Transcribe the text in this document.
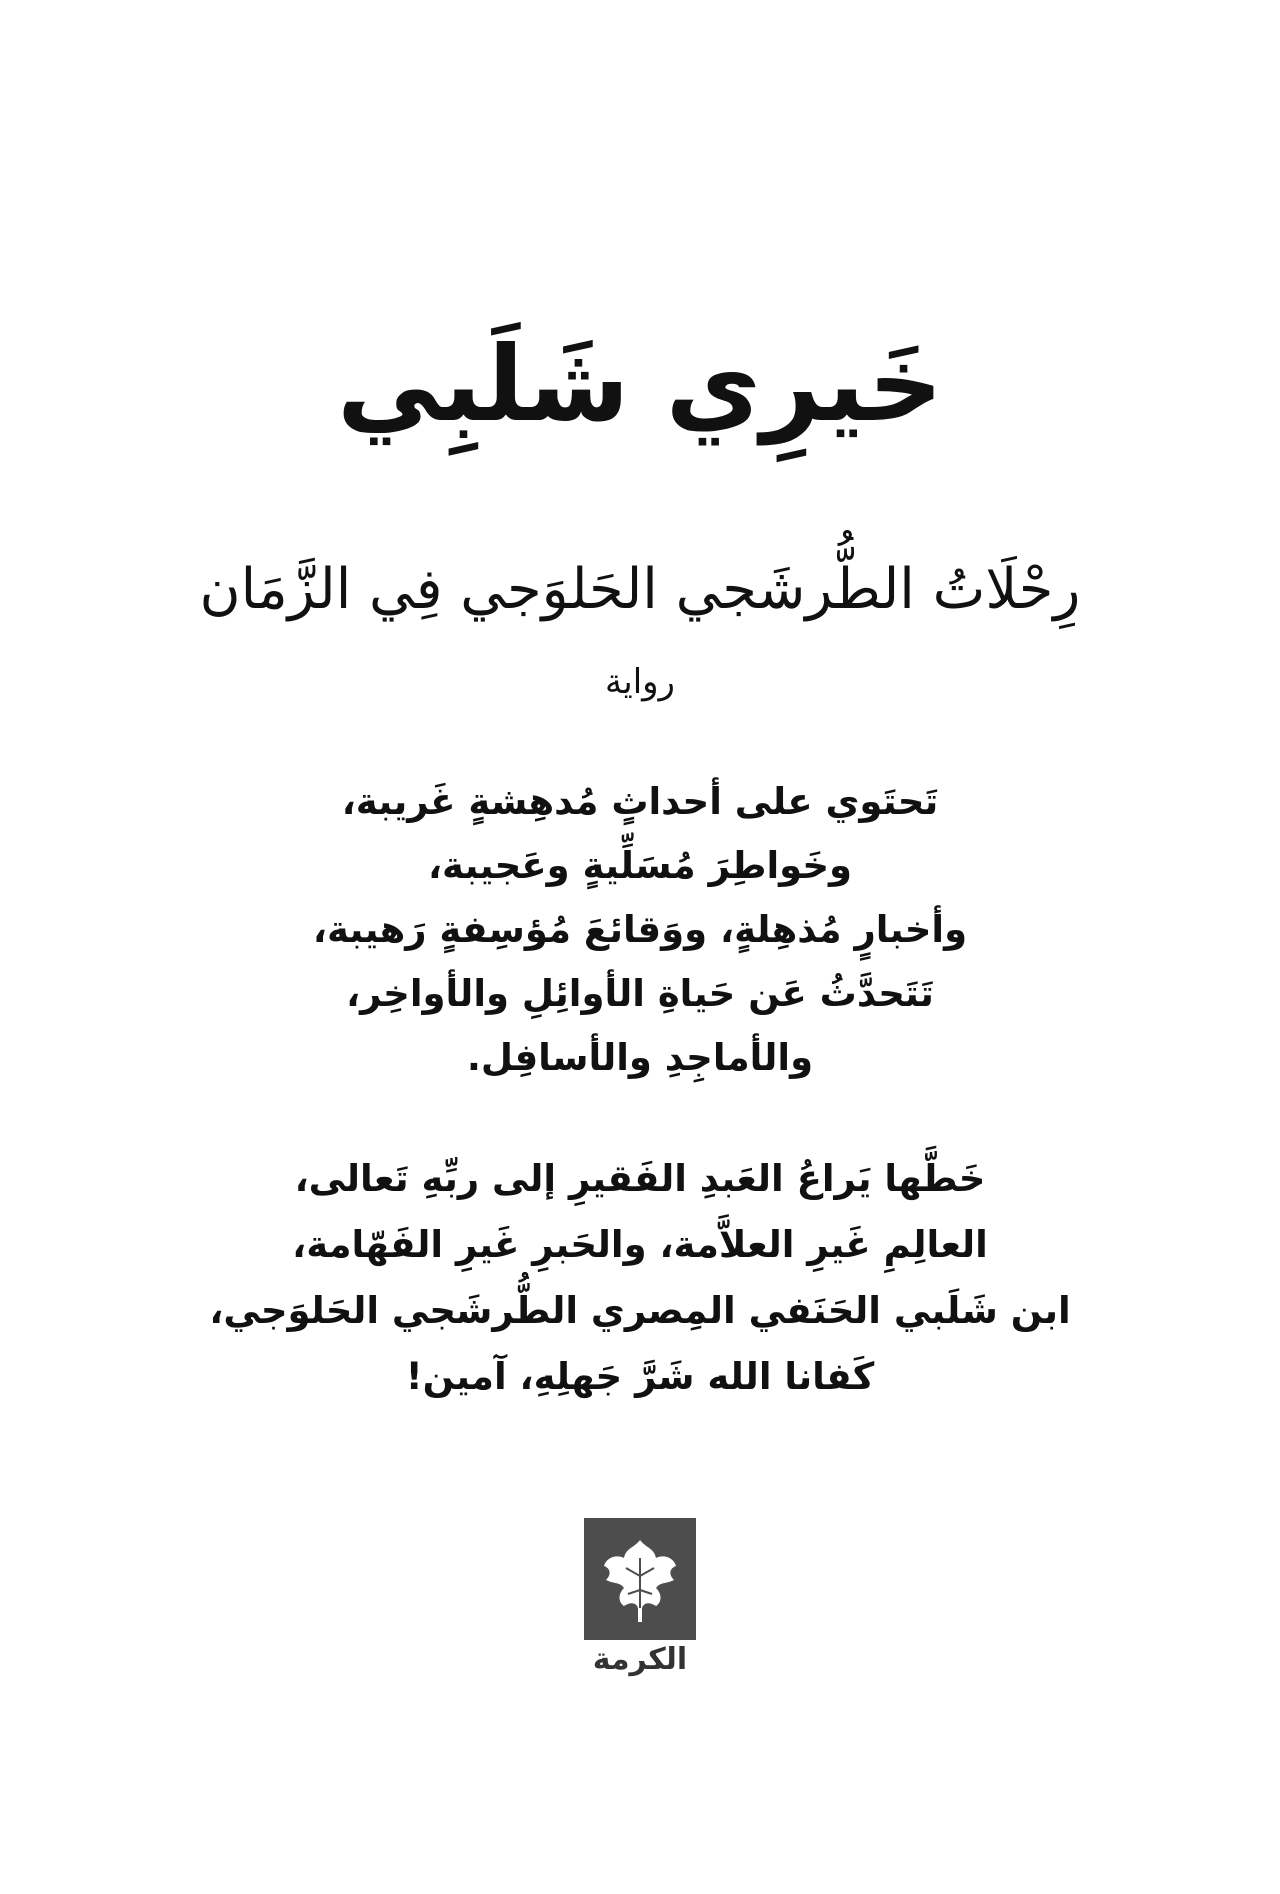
خَيرِي شَلَبِي
رِحْلَاتُ الطُّرشَجي الحَلوَجي فِي الزَّمَان
رواية
تَحتَوي على أحداثٍ مُدهِشةٍ غَريبة،
وخَواطِرَ مُسَلِّيةٍ وعَجيبة،
وأخبارٍ مُذهِلةٍ، ووَقائعَ مُؤسِفةٍ رَهيبة،
تَتَحدَّثُ عَن حَياةِ الأوائِلِ والأواخِر،
والأماجِدِ والأسافِل.
خَطَّها يَراعُ العَبدِ الفَقيرِ إلى ربِّهِ تَعالى،
العالِمِ غَيرِ العلاَّمة، والحَبرِ غَيرِ الفَهّامة،
ابن شَلَبي الحَنَفي المِصري الطُّرشَجي الحَلوَجي،
كَفانا الله شَرَّ جَهلِهِ، آمين!
الكرمة
